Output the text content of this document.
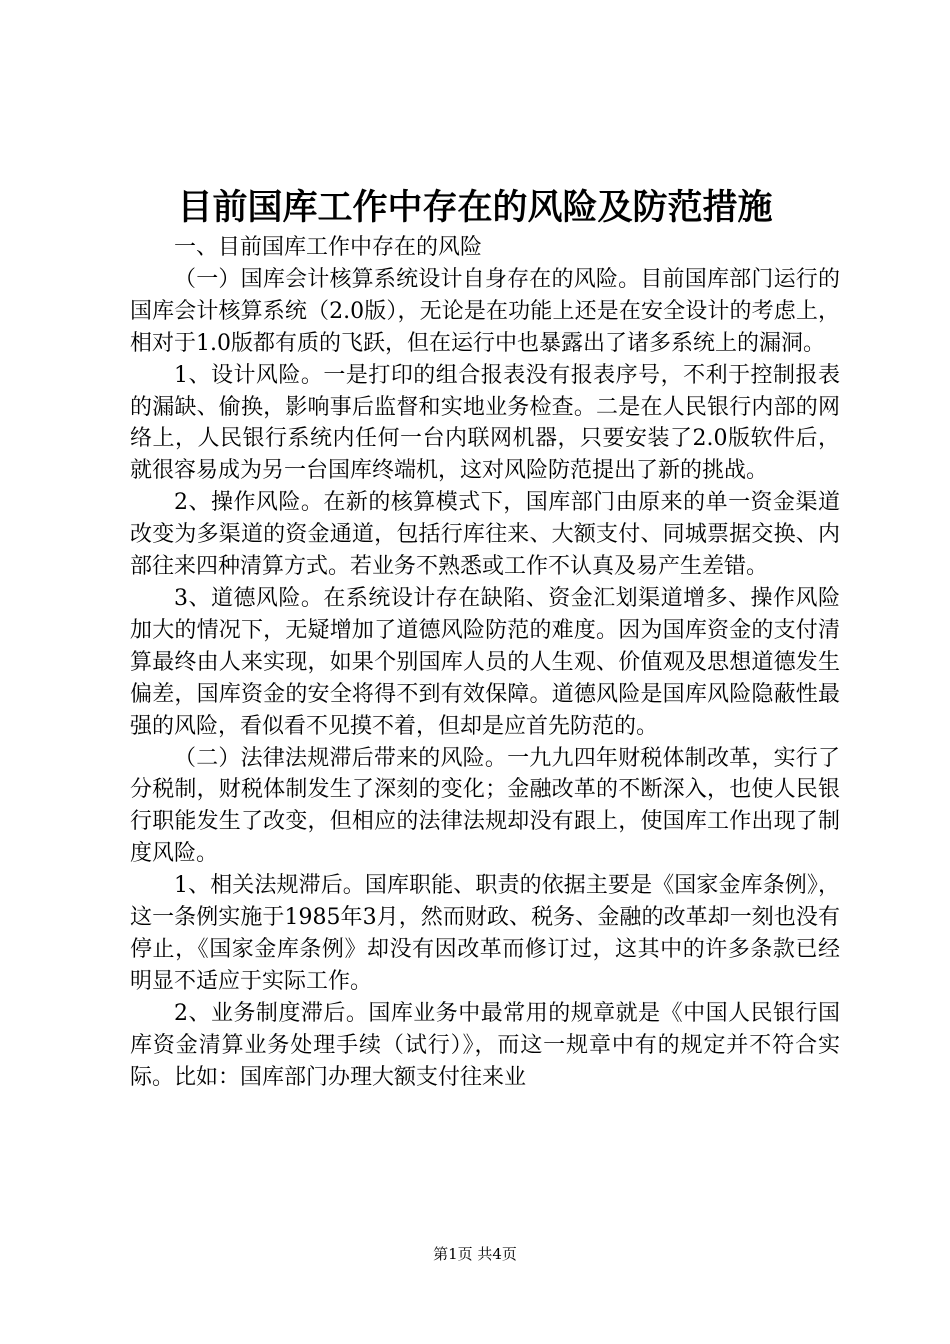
目前国库工作中存在的风险及防范措施

一、目前国库工作中存在的风险

（一）国库会计核算系统设计自身存在的风险。目前国库部门运行的国库会计核算系统（2.0版），无论是在功能上还是在安全设计的考虑上，相对于1.0版都有质的飞跃，但在运行中也暴露出了诸多系统上的漏洞。

1、设计风险。一是打印的组合报表没有报表序号，不利于控制报表的漏缺、偷换，影响事后监督和实地业务检查。二是在人民银行内部的网络上，人民银行系统内任何一台内联网机器，只要安装了2.0版软件后，就很容易成为另一台国库终端机，这对风险防范提出了新的挑战。

2、操作风险。在新的核算模式下，国库部门由原来的单一资金渠道改变为多渠道的资金通道，包括行库往来、大额支付、同城票据交换、内部往来四种清算方式。若业务不熟悉或工作不认真及易产生差错。

3、道德风险。在系统设计存在缺陷、资金汇划渠道增多、操作风险加大的情况下，无疑增加了道德风险防范的难度。因为国库资金的支付清算最终由人来实现，如果个别国库人员的人生观、价值观及思想道德发生偏差，国库资金的安全将得不到有效保障。道德风险是国库风险隐蔽性最强的风险，看似看不见摸不着，但却是应首先防范的。

（二）法律法规滞后带来的风险。一九九四年财税体制改革，实行了分税制，财税体制发生了深刻的变化；金融改革的不断深入，也使人民银行职能发生了改变，但相应的法律法规却没有跟上，使国库工作出现了制度风险。

1、相关法规滞后。国库职能、职责的依据主要是《国家金库条例》，这一条例实施于1985年3月，然而财政、税务、金融的改革却一刻也没有停止，《国家金库条例》却没有因改革而修订过，这其中的许多条款已经明显不适应于实际工作。

2、业务制度滞后。国库业务中最常用的规章就是《中国人民银行国库资金清算业务处理手续（试行）》，而这一规章中有的规定并不符合实际。比如：国库部门办理大额支付往来业

第1页 共4页
